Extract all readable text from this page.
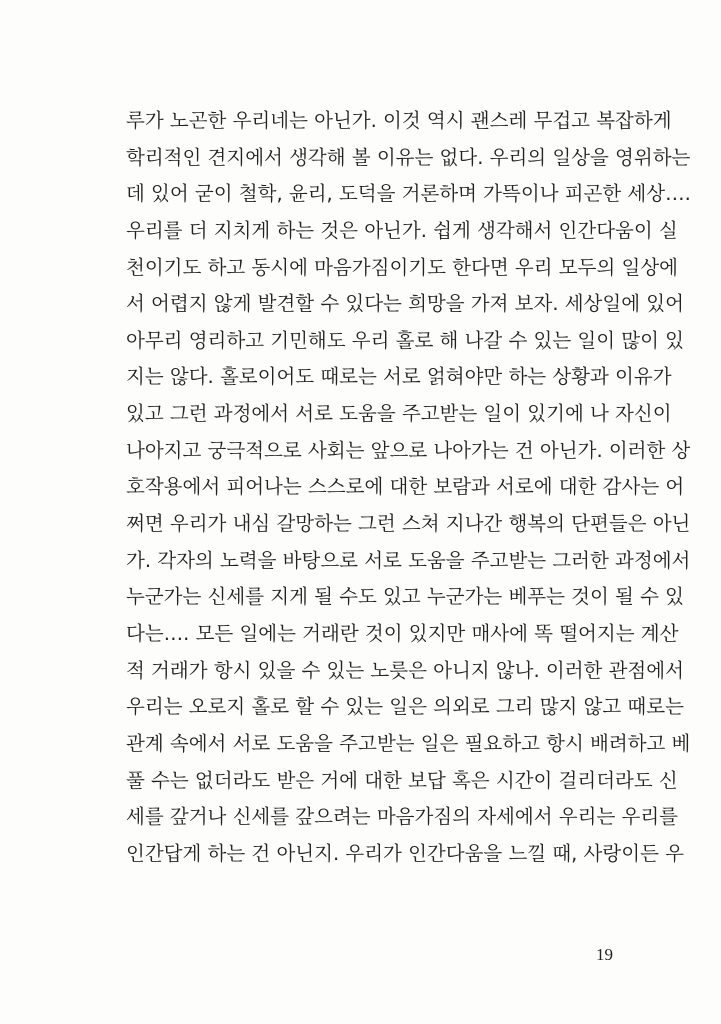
루가 노곤한 우리네는 아닌가. 이것 역시 괜스레 무겁고 복잡하게
학리적인 견지에서 생각해 볼 이유는 없다. 우리의 일상을 영위하는
데 있어 굳이 철학, 윤리, 도덕을 거론하며 가뜩이나 피곤한 세상….
우리를 더 지치게 하는 것은 아닌가. 쉽게 생각해서 인간다움이 실
천이기도 하고 동시에 마음가짐이기도 한다면 우리 모두의 일상에
서 어렵지 않게 발견할 수 있다는 희망을 가져 보자. 세상일에 있어
아무리 영리하고 기민해도 우리 홀로 해 나갈 수 있는 일이 많이 있
지는 않다. 홀로이어도 때로는 서로 얽혀야만 하는 상황과 이유가
있고 그런 과정에서 서로 도움을 주고받는 일이 있기에 나 자신이
나아지고 궁극적으로 사회는 앞으로 나아가는 건 아닌가. 이러한 상
호작용에서 피어나는 스스로에 대한 보람과 서로에 대한 감사는 어
쩌면 우리가 내심 갈망하는 그런 스쳐 지나간 행복의 단편들은 아닌
가. 각자의 노력을 바탕으로 서로 도움을 주고받는 그러한 과정에서
누군가는 신세를 지게 될 수도 있고 누군가는 베푸는 것이 될 수 있
다는…. 모든 일에는 거래란 것이 있지만 매사에 똑 떨어지는 계산
적 거래가 항시 있을 수 있는 노릇은 아니지 않나. 이러한 관점에서
우리는 오로지 홀로 할 수 있는 일은 의외로 그리 많지 않고 때로는
관계 속에서 서로 도움을 주고받는 일은 필요하고 항시 배려하고 베
풀 수는 없더라도 받은 거에 대한 보답 혹은 시간이 걸리더라도 신
세를 갚거나 신세를 갚으려는 마음가짐의 자세에서 우리는 우리를
인간답게 하는 건 아닌지. 우리가 인간다움을 느낄 때, 사랑이든 우
19
